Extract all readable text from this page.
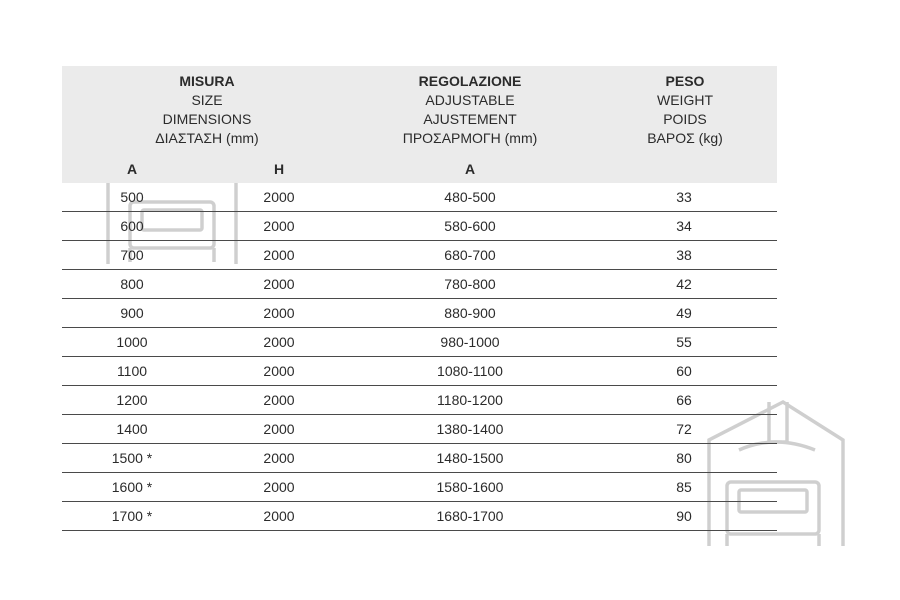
MISURA
SIZE
DIMENSIONS
ΔΙΑΣΤΑΣΗ (mm)
REGOLAZIONE
ADJUSTABLE
AJUSTEMENT
ΠΡΟΣΑΡΜΟΓΗ (mm)
PESO
WEIGHT
POIDS
ΒΑΡΟΣ (kg)
A	H	A
500	2000	480-500	33
600	2000	580-600	34
700	2000	680-700	38
800	2000	780-800	42
900	2000	880-900	49
1000	2000	980-1000	55
1100	2000	1080-1100	60
1200	2000	1180-1200	66
1400	2000	1380-1400	72
1500 *	2000	1480-1500	80
1600 *	2000	1580-1600	85
1700 *	2000	1680-1700	90
